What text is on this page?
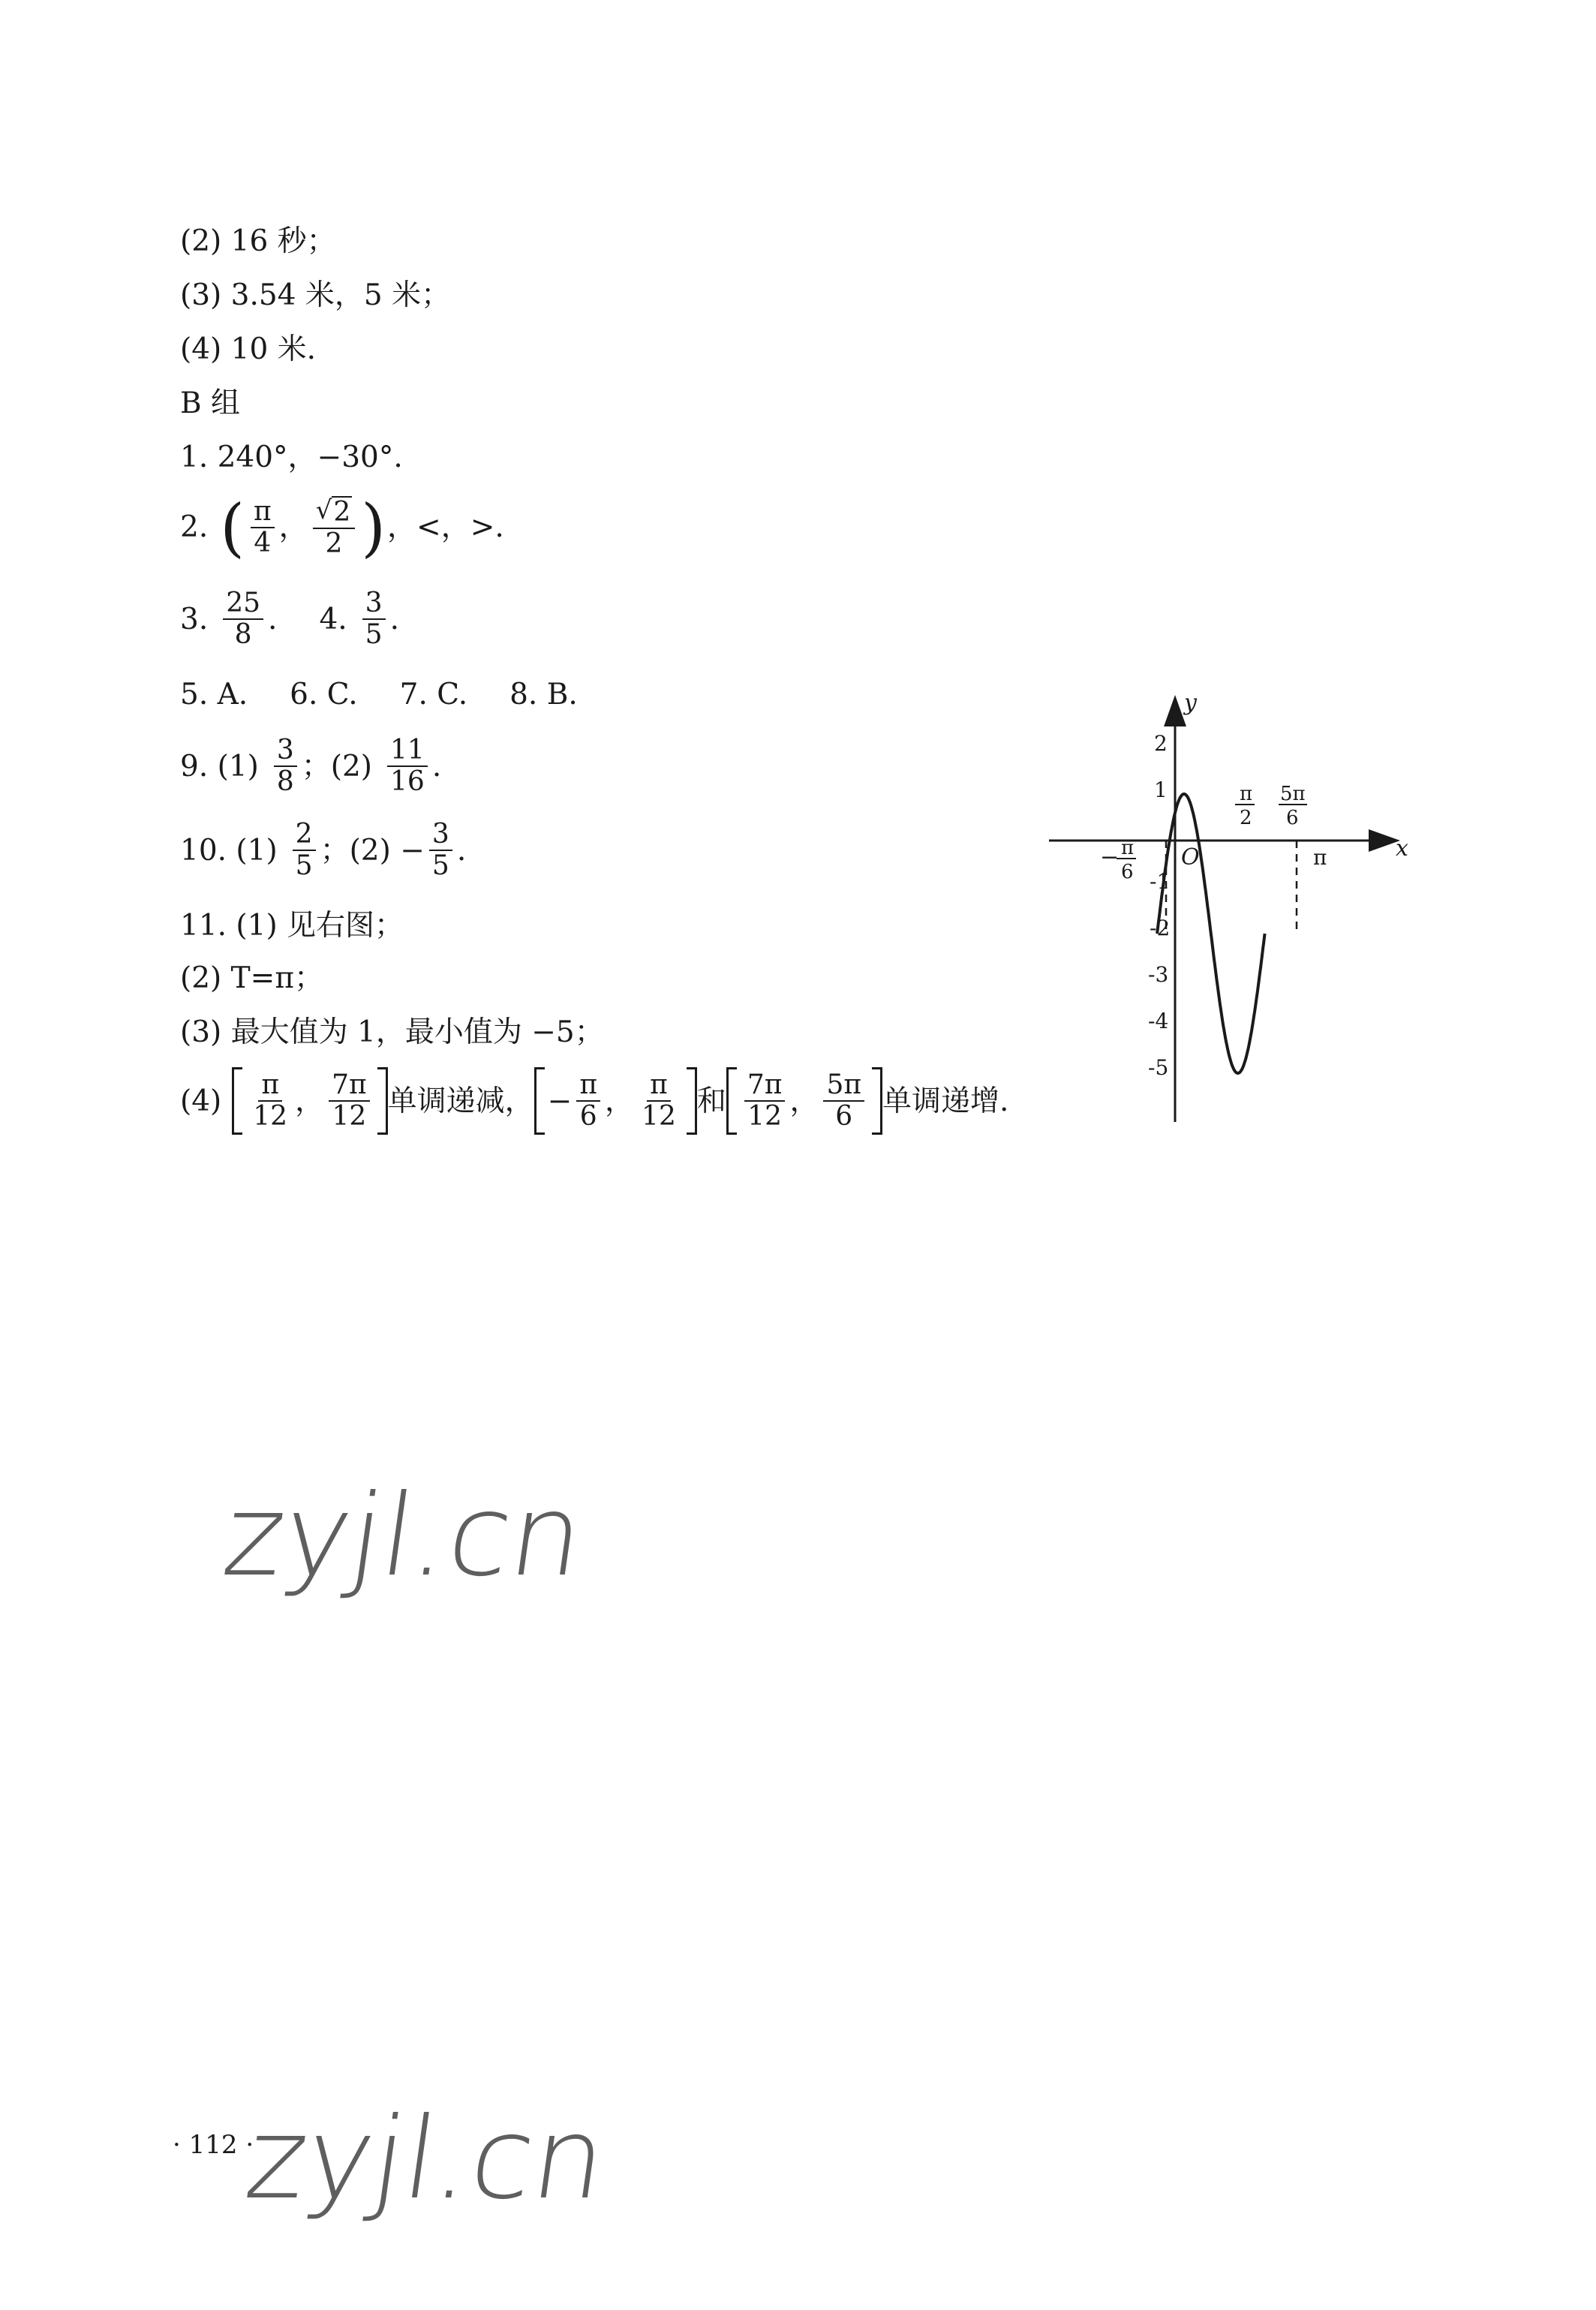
(2) 16 秒；
(3) 3.54 米，5 米；
(4) 10 米.
B 组
1. 240°，−30°.
2. ( $\frac{\pi}{4}$ ， $\frac{√ 2}{2}$ ) ，<，>.
3. $\frac{25}{8}$ . 4. $\frac{3}{5}$ .
5. A. 6. C. 7. C. 8. B.
9. $(1) \frac{3}{8}$ ；$(2) \frac{11}{16}$ .
10. $(1) \frac{2}{5}$ ；$(2) - \frac{3}{5}$ .
11. (1) 见右图；
(2) T=π；
(3) 最大值为 1，最小值为 −5；
$(4) \frac{\pi}{12}$ ， $\frac{7\pi}{12}$ 单调递减， − $\frac{\pi}{6}$ ， $\frac{\pi}{12}$ 和 $\frac{7\pi}{12}$ ， $\frac{5\pi}{6}$ 单调递增.
x
y
O
2
1
-1
-2
-3
-4
-5
− π
6
π
2
5π
6
π
zyjl.cn
zyjl.cn
· 112 ·
